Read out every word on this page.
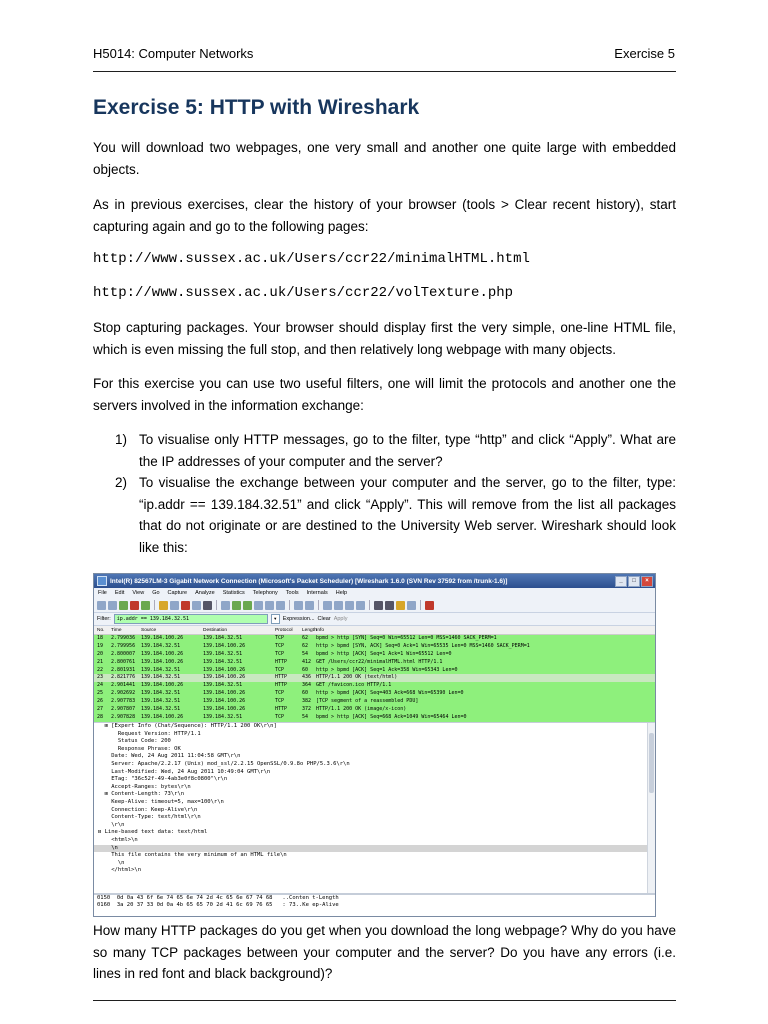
H5014: Computer Networks	Exercise 5
Exercise 5: HTTP with Wireshark

You will download two webpages, one very small and another one quite large with embedded objects.

As in previous exercises, clear the history of your browser (tools > Clear recent history), start capturing again and go to the following pages:

http://www.sussex.ac.uk/Users/ccr22/minimalHTML.html

http://www.sussex.ac.uk/Users/ccr22/volTexture.php

Stop capturing packages. Your browser should display first the very simple, one-line HTML file, which is even missing the full stop, and then relatively long webpage with many objects.

For this exercise you can use two useful filters, one will limit the protocols and another one the servers involved in the information exchange:

1) To visualise only HTTP messages, go to the filter, type “http” and click “Apply”. What are the IP addresses of your computer and the server?
2) To visualise the exchange between your computer and the server, go to the filter, type: “ip.addr == 139.184.32.51” and click “Apply”. This will remove from the list all packages that do not originate or are destined to the University Web server. Wireshark should look like this:
Intel(R) 82567LM-3 Gigabit Network Connection (Microsoft's Packet Scheduler) [Wireshark 1.6.0 (SVN Rev 37592 from /trunk-1.6)]	_	□	×
File Edit View Go Capture Analyze Statistics Telephony Tools Internals Help
Filter:	ip.addr == 139.184.32.51	▼	Expression... Clear Apply
No.	Time	Source	Destination	Protocol	Length Info
18	2.799036	139.184.100.26	139.184.32.51	TCP	62	bpmd > http [SYN] Seq=0 Win=65512 Len=0 MSS=1460 SACK_PERM=1
19	2.799956	139.184.32.51	139.184.100.26	TCP	62	http > bpmd [SYN, ACK] Seq=0 Ack=1 Win=65535 Len=0 MSS=1460 SACK_PERM=1
20	2.800007	139.184.100.26	139.184.32.51	TCP	54	bpmd > http [ACK] Seq=1 Ack=1 Win=65512 Len=0
21	2.800761	139.184.100.26	139.184.32.51	HTTP	412 GET /Users/ccr22/minimalHTML.html HTTP/1.1
22	2.801931	139.184.32.51	139.184.100.26	TCP	60	http > bpmd [ACK] Seq=1 Ack=358 Win=65343 Len=0
23	2.821776	139.184.32.51	139.184.100.26	HTTP	436 HTTP/1.1 200 OK (text/html)
24	2.901441	139.184.100.26	139.184.32.51	HTTP	364 GET /favicon.ico HTTP/1.1
25	2.902692	139.184.32.51	139.184.100.26	TCP	60	http > bpmd [ACK] Seq=403 Ack=668 Win=65390 Len=0
26	2.907783	139.184.32.51	139.184.100.26	TCP	382 [TCP segment of a reassembled PDU]
27	2.907807	139.184.32.51	139.184.100.26	HTTP	372 HTTP/1.1 200 OK (image/x-icon)
28	2.907828	139.184.100.26	139.184.32.51	TCP	54	bpmd > http [ACK] Seq=668 Ack=1049 Win=65464 Len=0
⊞ [Expert Info (Chat/Sequence): HTTP/1.1 200 OK\r\n]
Request Version: HTTP/1.1
Status Code: 200
Response Phrase: OK
Date: Wed, 24 Aug 2011 11:04:58 GMT\r\n
Server: Apache/2.2.17 (Unix) mod_ssl/2.2.15 OpenSSL/0.9.8o PHP/5.3.6\r\n
Last-Modified: Wed, 24 Aug 2011 10:49:04 GMT\r\n
ETag: "36c52f-49-4ab3e0f8c0800"\r\n
Accept-Ranges: bytes\r\n
⊞ Content-Length: 73\r\n
Keep-Alive: timeout=5, max=100\r\n
Connection: Keep-Alive\r\n
Content-Type: text/html\r\n
\r\n
⊟ Line-based text data: text/html
<html>\n
\n
This file contains the very minimum of an HTML file\n
\n
</html>\n
0150  0d 0a 43 6f 6e 74 65 6e 74 2d 4c 65 6e 67 74 68   ..Conten t-Length
0160  3a 20 37 33 0d 0a 4b 65 65 70 2d 41 6c 69 76 65   : 73..Ke ep-Alive

How many HTTP packages do you get when you download the long webpage? Why do you have so many TCP packages between your computer and the server? Do you have any errors (i.e. lines in red font and black background)?
